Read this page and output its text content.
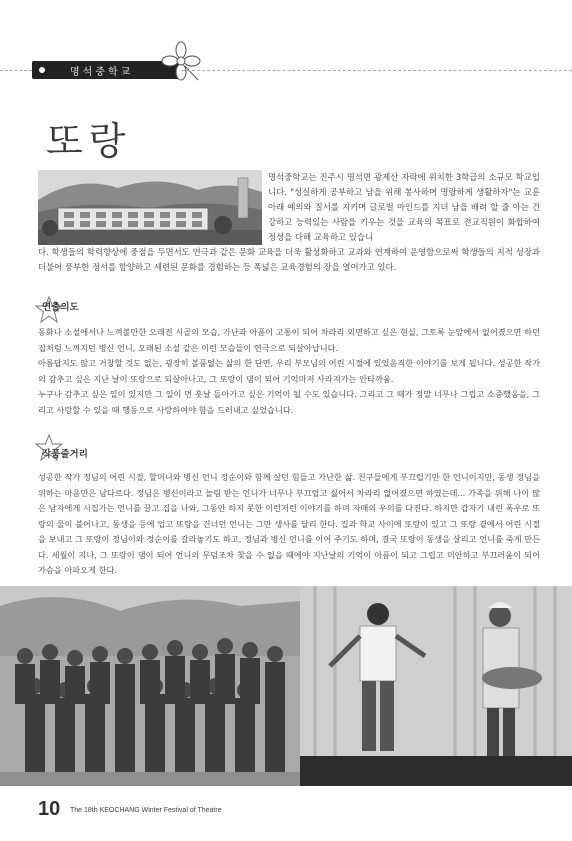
명석중학교
또랑
명석중학교는 진주시 명석면 광제산 자락에 위치한 3학급의 소규모 학교입니다. "성실하게 공부하고 남을 위해 봉사하며 명랑하게 생활하자"는 교훈 아래 예의와 질서를 지키며 글로벌 마인드를 지녀 남을 배려 할 줄 아는 건강하고 능력있는 사람을 키우는 것을 교육의 목표로 전교직원이 화합하여 정성을 다해 교육하고 있습니
다. 학생들의 학력향상에 중점을 두면서도 연극과 같은 문화 교육을 더욱 활성화하고 교과와 연계하여 운영함으로써 학생들의 지적 성장과 더불어 풍부한 정서를 함양하고 세련된 문화를 경험하는 등 폭넓은 교육경험의 장을 열어가고 있다.
연출의도
동화나 소설에서나 느껴볼만한 오래전 시골의 모습, 가난과 아픔이 고통이 되어 차라리 외면하고 싶은 현실, 그토록 눈앞에서 없어졌으면 하던 집처럼 느껴지던 병신 언니, 오래된 소설 같은 이런 모습들이 연극으로 되살아납니다.
아름답지도 않고 거창할 것도 없는, 굉장히 볼품없는 삶의 한 단면, 우리 부모님의 어린 시절에 있었음직한 이야기를 보게 됩니다. 성공한 작가의 감추고 싶은 지난 날이 또랑으로 되살아나고, 그 또랑이 댐이 되어 기억마저 사라져가는 안타까움.
누구나 감추고 싶은 일이 있지만 그 일이 먼 훗날 돌아가고 싶은 기억이 될 수도 있습니다. 그리고 그 때가 정말 너무나 그립고 소중했음을, 그리고 사랑할 수 있을 때 행동으로 사랑하여야 함을 드러내고 싶었습니다.
작품줄거리
성공한 작가 정님의 어린 시절, 할머니와 병신 언니 정순이와 함께 살던 힘들고 가난한 삶. 친구들에게 부끄럽기만 한 언니이지만, 동생 정님을 위하는 마음만은 남다르다. 정님은 병신이라고 놀림 받는 언니가 너무나 부끄럽고 싫어서 차라리 없어졌으면 하였는데... 가족을 위해 나이 많은 남자에게 시집가는 언니를 끌고 집을 나와, 그동안 하지 못한 이런저런 이야기를 하며 자매의 우의를 다진다. 하지만 갑자기 내린 폭우로 또랑의 물이 불어나고, 동생을 등에 업고 또랑을 건너던 언니는 그만 생사를 달리 한다. 집과 학교 사이에 또랑이 있고 그 또랑 곁에서 어린 시절을 보내고 그 또랑이 정님이와 정순이를 갈라놓기도 하고, 정님과 병신 언니를 이어 주기도 하며, 결국 또랑이 동생을 살리고 언니를 죽게 만든다. 세월이 지나, 그 또랑이 댐이 되어 언니의 무덤조차 찾을 수 없을 때에야 지난날의 기억이 아픔이 되고 그립고 미안하고 부끄러움이 되어 가슴을 아파오게 한다.
10 The 18th KEOCHANG Winter Festival of Theatre
